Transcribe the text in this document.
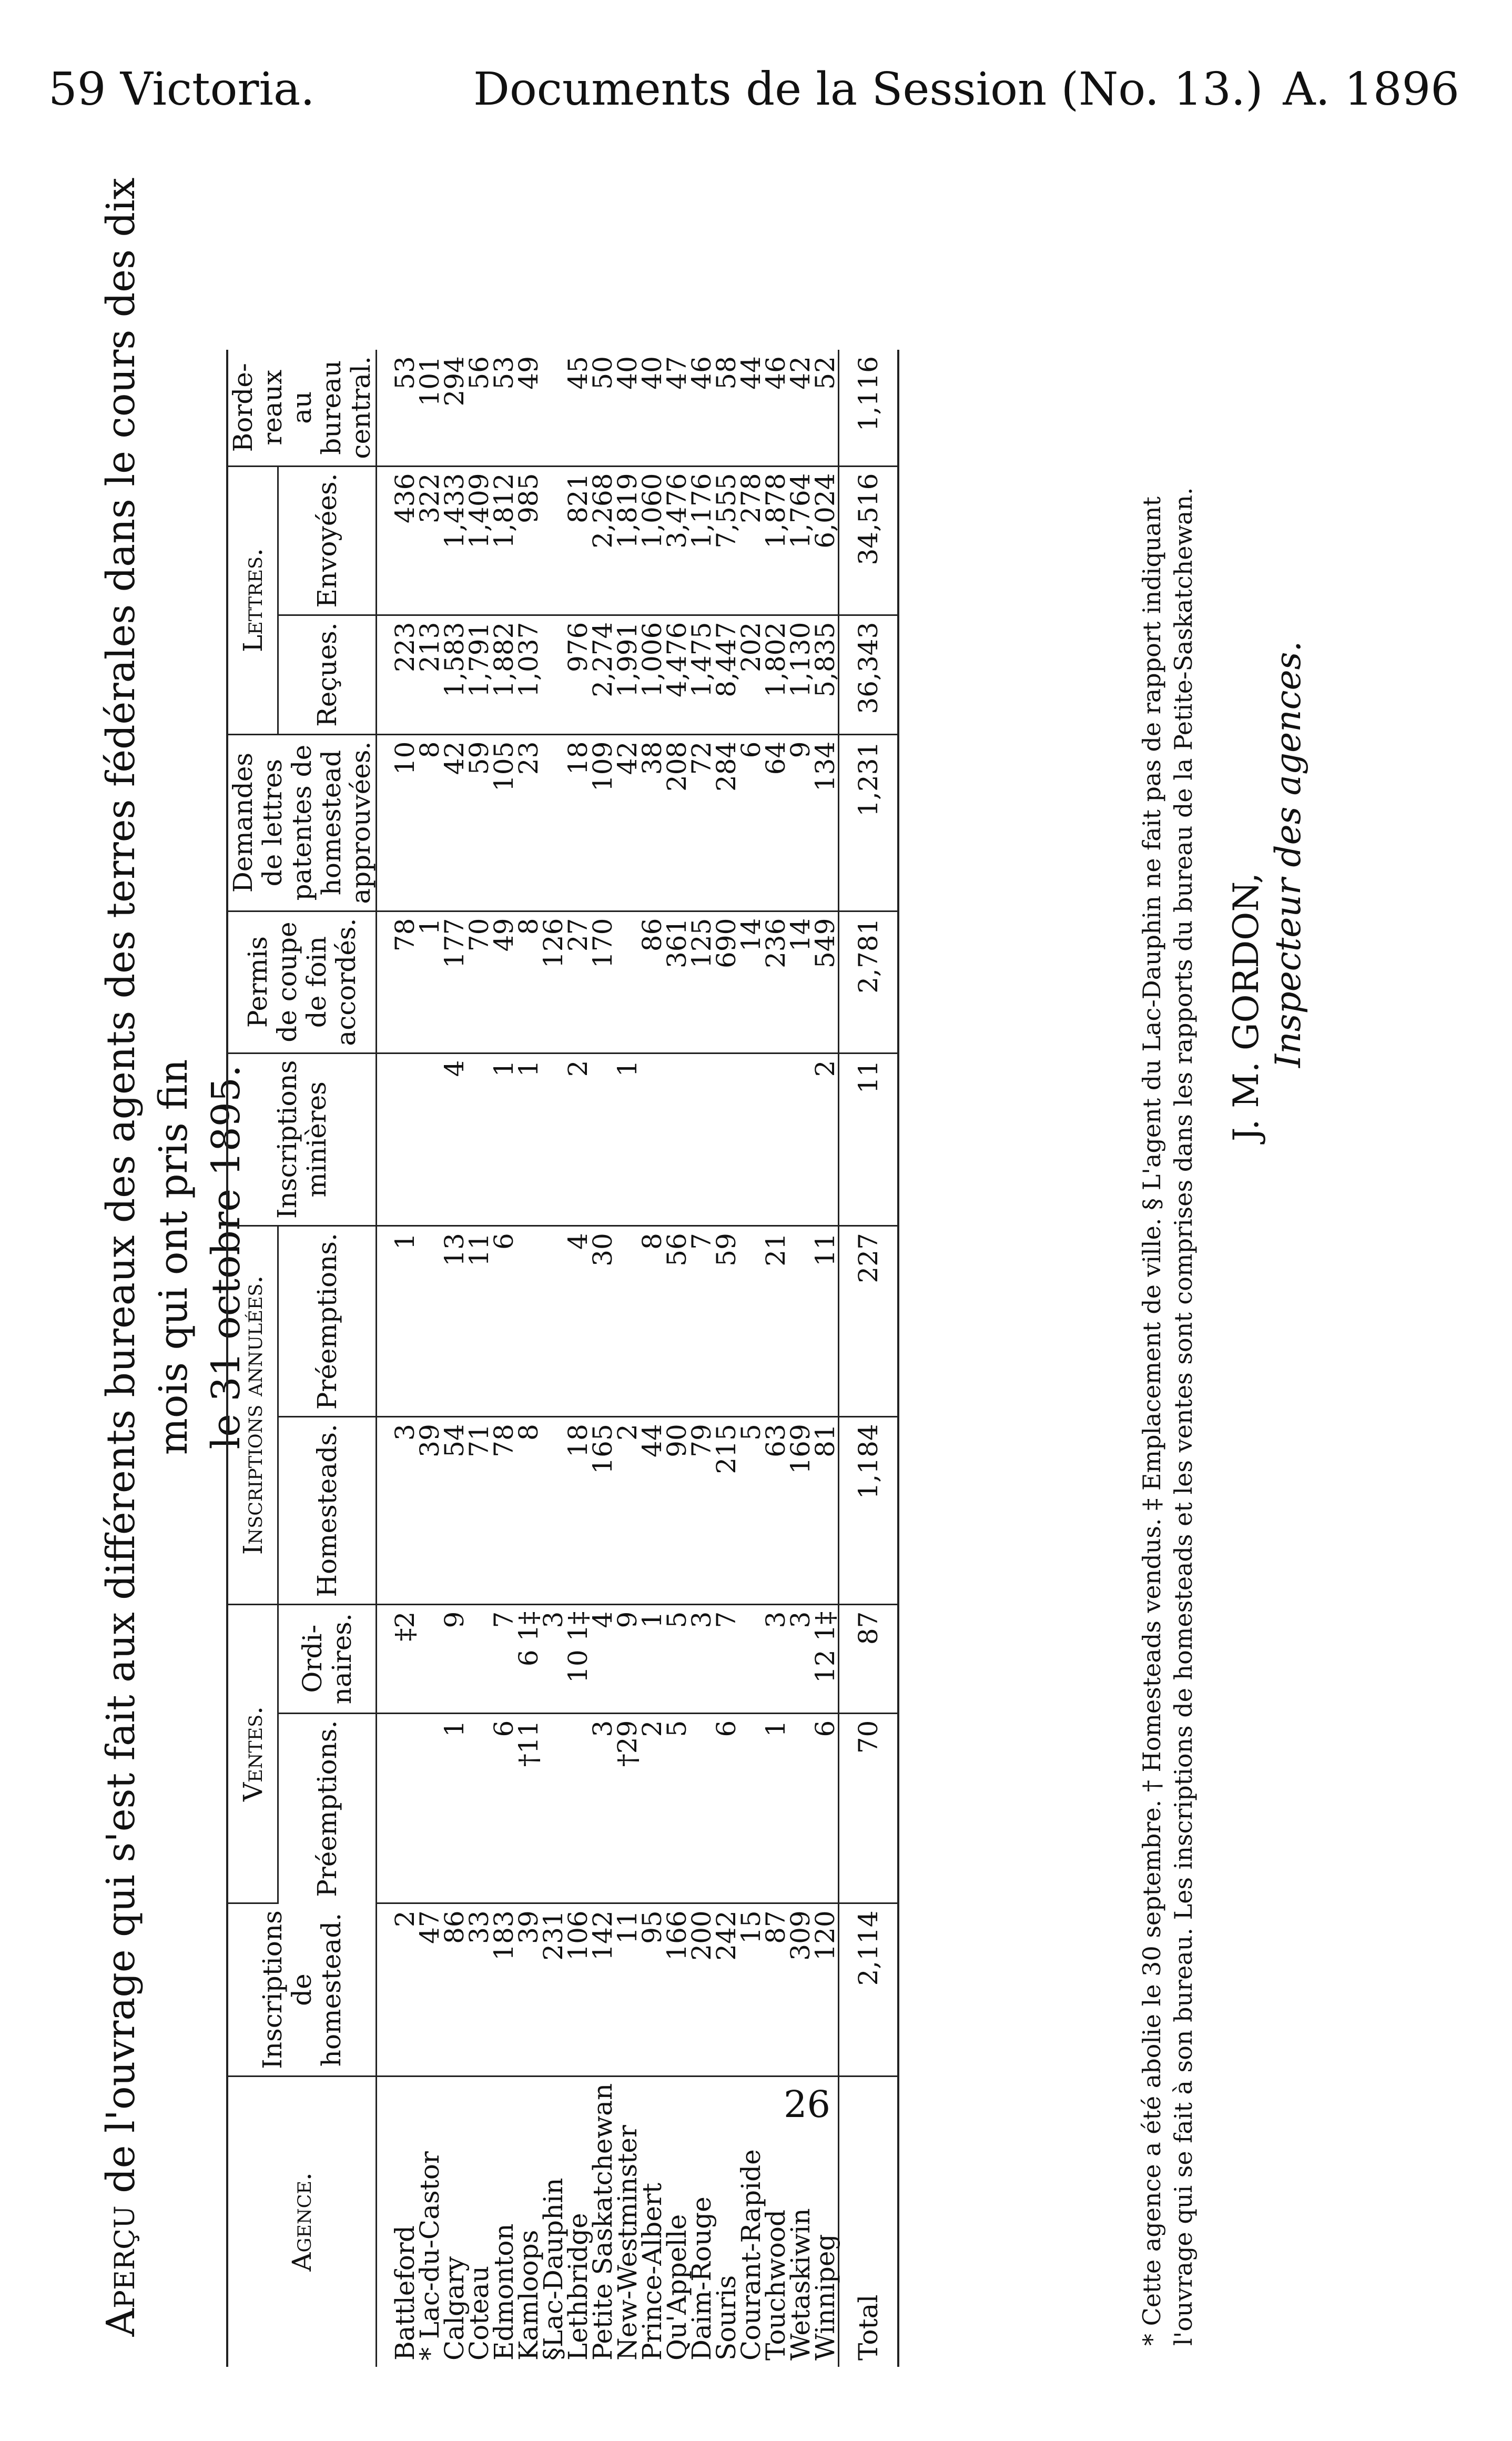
59 Victoria.	Documents de la Session (No. 13.) A. 1896
Aperçu de l'ouvrage qui s'est fait aux différents bureaux des agents des terres fédérales dans le cours des dix mois qui ont pris fin le 31 octobre 1895.
Agence.	Inscriptions de homestead.	Ventes.		Inscriptions annulées.		Inscriptions minières	Permis de coupe de foin accordés.	Demandes de lettres patentes de homestead approuvées.	Lettres.		Borde- reaux au bureau central.
		Préemptions.	Ordi- naires.	Homesteads.	Préemptions.				Reçues.	Envoyées.	
Battleford	2		‡2	3	1		78	10	223	436	53
* Lac-du-Castor	47			39			1	8	213	322	101
Calgary	86	1	9	54	13	4	177	42	1,583	1,433	294
Coteau	33			71	11		70	59	1,791	1,409	56
Edmonton	183	6	7	78	6	1	49	105	1,882	1,812	53
Kamloops	39	†11	6 1‡	8		1	8	23	1,037	985	49
§Lac-Dauphin	231		3				126				
Lethbridge	106		10 1‡	18	4	2	27	18	976	821	45
Petite Saskatchewan	142	3	4	165	30		170	109	2,274	2,268	50
New-Westminster	11	†29	9	2		1		42	1,991	1,819	40
Prince-Albert	95	2	1	44	8		86	38	1,006	1,060	40
Qu'Appelle	166	5	5	90	56		361	208	4,476	3,476	47
Daim-Rouge	200		3	79	7		125	72	1,475	1,176	46
Souris	242	6	7	215	59		690	284	8,447	7,555	58
Courant-Rapide	15			5			14	6	202	278	44
Touchwood	87	1	3	63	21		236	64	1,802	1,878	46
Wetaskiwin	309		3	169			14	9	1,130	1,764	42
Winnipeg	120	6	12 1‡	81	11	2	549	134	5,835	6,024	52
Total	2,114	70	87	1,184	227	11	2,781	1,231	36,343	34,516	1,116
* Cette agence a été abolie le 30 septembre. † Homesteads vendus. ‡ Emplacement de ville. § L'agent du Lac-Dauphin ne fait pas de rapport indiquant l'ouvrage qui se fait à son bureau. Les inscriptions de homesteads et les ventes sont comprises dans les rapports du bureau de la Petite-Saskatchewan. J. M. GORDON, Inspecteur des agences.
26
